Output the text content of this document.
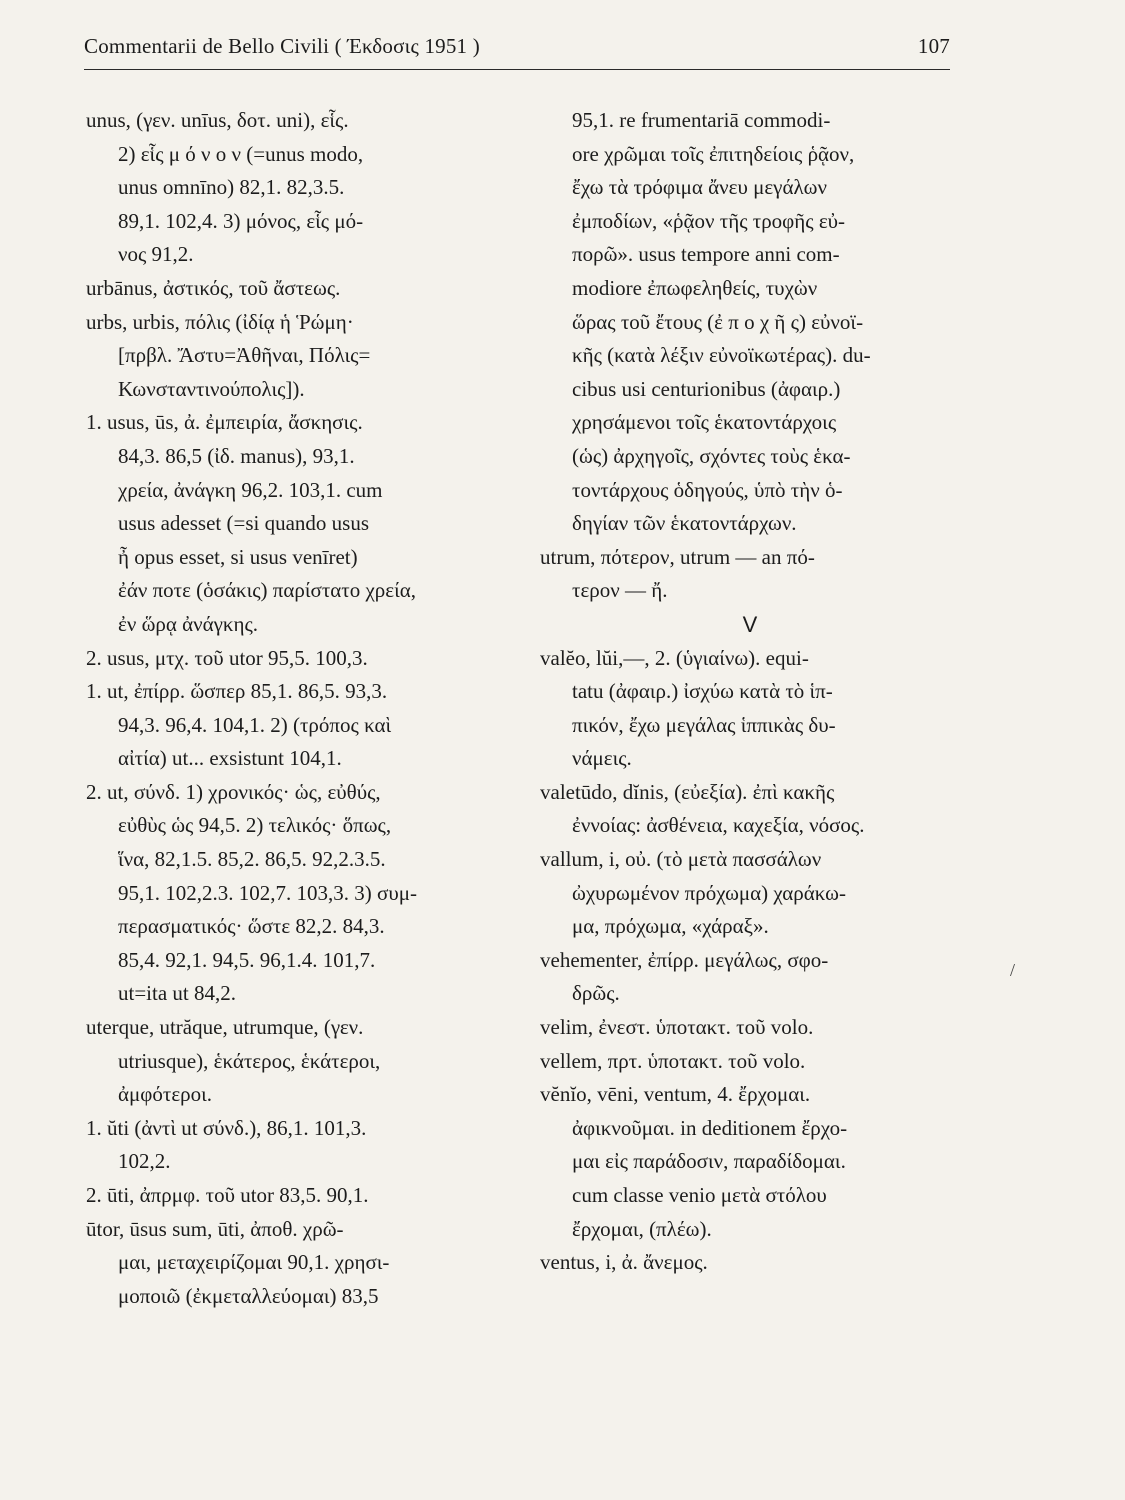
Commentarii de Bello Civili ( Έκδοσις 1951 )	107
unus, (γεν. unīus, δοτ. uni), εἷς.
2) εἷς μ ό ν ο ν (=unus modo,
unus omnīno) 82,1. 82,3.5.
89,1. 102,4. 3) μόνος, εἷς μό-
νος 91,2.
urbānus, ἀστικός, τοῦ ἄστεως.
urbs, urbis, πόλις (ἰδίᾳ ἡ Ῥώμη·
[πρβλ. Ἄστυ=Ἀθῆναι, Πόλις=
Κωνσταντινούπολις]).
1. usus, ūs, ἀ. ἐμπειρία, ἄσκησις.
84,3. 86,5 (ἰδ. manus), 93,1.
χρεία, ἀνάγκη 96,2. 103,1. cum
usus adesset (=si quando usus
ἦ opus esset, si usus venīret)
ἐάν ποτε (ὁσάκις) παρίστατο χρεία,
ἐν ὥρᾳ ἀνάγκης.
2. usus, μτχ. τοῦ utor 95,5. 100,3.
1. ut, ἐπίρρ. ὥσπερ 85,1. 86,5. 93,3.
94,3. 96,4. 104,1. 2) (τρόπος καὶ
αἰτία) ut... exsistunt 104,1.
2. ut, σύνδ. 1) χρονικός· ὡς, εὐθύς,
εὐθὺς ὡς 94,5. 2) τελικός· ὅπως,
ἵνα, 82,1.5. 85,2. 86,5. 92,2.3.5.
95,1. 102,2.3. 102,7. 103,3. 3) συμ-
περασματικός· ὥστε 82,2. 84,3.
85,4. 92,1. 94,5. 96,1.4. 101,7.
ut=ita ut 84,2.
uterque, utrăque, utrumque, (γεν.
utriusque), ἑκάτερος, ἑκάτεροι,
ἀμφότεροι.
1. ŭti (ἀντὶ ut σύνδ.), 86,1. 101,3.
102,2.
2. ūti, ἀπρμφ. τοῦ utor 83,5. 90,1.
ūtor, ūsus sum, ūti, ἀποθ. χρῶ-
μαι, μεταχειρίζομαι 90,1. χρησι-
μοποιῶ (ἐκμεταλλεύομαι) 83,5
95,1. re frumentariā commodi-
ore χρῶμαι τοῖς ἐπιτηδείοις ῥᾷον,
ἔχω τὰ τρόφιμα ἄνευ μεγάλων
ἐμποδίων, «ῥᾷον τῆς τροφῆς εὐ-
πορῶ». usus tempore anni com-
modiore ἐπωφεληθείς, τυχὼν
ὥρας τοῦ ἔτους (ἐ π ο χ ῆ ς) εὐνοϊ-
κῆς (κατὰ λέξιν εὐνοϊκωτέρας). du-
cibus usi centurionibus (ἀφαιρ.)
χρησάμενοι τοῖς ἑκατοντάρχοις
(ὡς) ἀρχηγοῖς, σχόντες τοὺς ἑκα-
τοντάρχους ὁδηγούς, ὑπὸ τὴν ὁ-
δηγίαν τῶν ἑκατοντάρχων.
utrum, πότερον, utrum — an πό-
τερον — ἤ.
V
valĕo, lŭi,—, 2. (ὑγιαίνω). equi-
tatu (ἀφαιρ.) ἰσχύω κατὰ τὸ ἱπ-
πικόν, ἔχω μεγάλας ἱππικὰς δυ-
νάμεις.
valetūdo, dĭnis, (εὐεξία). ἐπὶ κακῆς
ἐννοίας: ἀσθένεια, καχεξία, νόσος.
vallum, i, οὐ. (τὸ μετὰ πασσάλων
ὠχυρωμένον πρόχωμα) χαράκω-
μα, πρόχωμα, «χάραξ».
vehementer, ἐπίρρ. μεγάλως, σφο-
δρῶς.
velim, ἐνεστ. ὑποτακτ. τοῦ volo.
vellem, πρτ. ὑποτακτ. τοῦ volo.
vĕnĭo, vēni, ventum, 4. ἔρχομαι.
ἀφικνοῦμαι. in deditionem ἔρχο-
μαι εἰς παράδοσιν, παραδίδομαι.
cum classe venio μετὰ στόλου
ἔρχομαι, (πλέω).
ventus, i, ἀ. ἄνεμος.
/
